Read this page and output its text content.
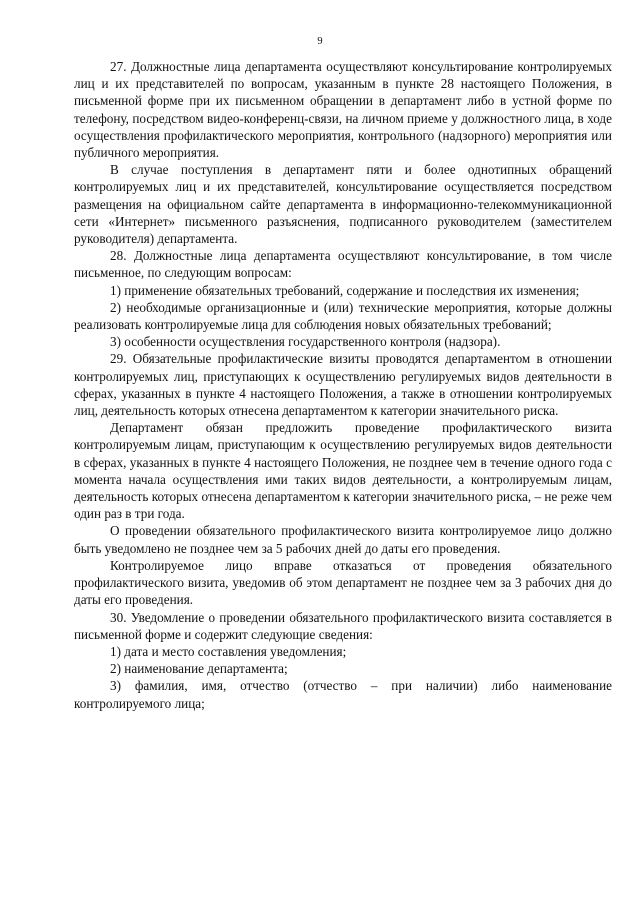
9

27. Должностные лица департамента осуществляют консультирование контролируемых лиц и их представителей по вопросам, указанным в пункте 28 настоящего Положения, в письменной форме при их письменном обращении в департамент либо в устной форме по телефону, посредством видео-конференц-связи, на личном приеме у должностного лица, в ходе осуществления профилактического мероприятия, контрольного (надзорного) мероприятия или публичного мероприятия.

В случае поступления в департамент пяти и более однотипных обращений контролируемых лиц и их представителей, консультирование осуществляется посредством размещения на официальном сайте департамента в информационно-телекоммуникационной сети «Интернет» письменного разъяснения, подписанного руководителем (заместителем руководителя) департамента.

28. Должностные лица департамента осуществляют консультирование, в том числе письменное, по следующим вопросам:

1) применение обязательных требований, содержание и последствия их изменения;

2) необходимые организационные и (или) технические мероприятия, которые должны реализовать контролируемые лица для соблюдения новых обязательных требований;

3) особенности осуществления государственного контроля (надзора).

29. Обязательные профилактические визиты проводятся департаментом в отношении контролируемых лиц, приступающих к осуществлению регулируемых видов деятельности в сферах, указанных в пункте 4 настоящего Положения, а также в отношении контролируемых лиц, деятельность которых отнесена департаментом к категории значительного риска.

Департамент обязан предложить проведение профилактического визита контролируемым лицам, приступающим к осуществлению регулируемых видов деятельности в сферах, указанных в пункте 4 настоящего Положения, не позднее чем в течение одного года с момента начала осуществления ими таких видов деятельности, а контролируемым лицам, деятельность которых отнесена департаментом к категории значительного риска, – не реже чем один раз в три года.

О проведении обязательного профилактического визита контролируемое лицо должно быть уведомлено не позднее чем за 5 рабочих дней до даты его проведения.

Контролируемое лицо вправе отказаться от проведения обязательного профилактического визита, уведомив об этом департамент не позднее чем за 3 рабочих дня до даты его проведения.

30. Уведомление о проведении обязательного профилактического визита составляется в письменной форме и содержит следующие сведения:

1) дата и место составления уведомления;

2) наименование департамента;

3) фамилия, имя, отчество (отчество – при наличии) либо наименование контролируемого лица;
